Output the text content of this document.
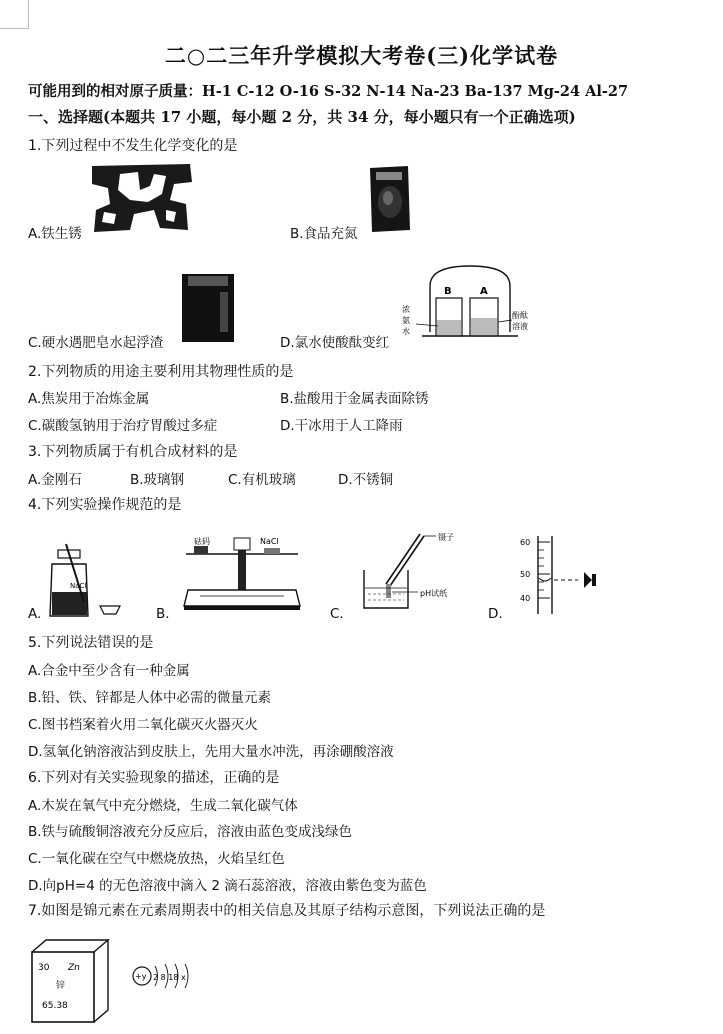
二○二三年升学模拟大考卷(三)化学试卷
可能用到的相对原子质量：H-1 C-12 O-16 S-32 N-14 Na-23 Ba-137 Mg-24 Al-27
一、选择题(本题共 17 小题，每小题 2 分，共 34 分，每小题只有一个正确选项)
1.下列过程中不发生化学变化的是
A.铁生锈	B.食品充氮
C.硬水遇肥皂水起浮渣
B	A
浓
氨
水
酚酞
溶液
D.氯水使酸酞变红
2.下列物质的用途主要利用其物理性质的是
A.焦炭用于冶炼金属	B.盐酸用于金属表面除锈
C.碳酸氢钠用于治疗胃酸过多症	D.干冰用于人工降雨
3.下列物质属于有机合成材料的是
A.金刚石	B.玻璃钢	C.有机玻璃	D.不锈铜
4.下列实验操作规范的是
NaCl
A.
砝码	NaCl
B.
镊子
pH试纸
C.
60
50
40
D.
5.下列说法错误的是
A.合金中至少含有一种金属
B.铅、铁、锌都是人体中必需的微量元素
C.图书档案着火用二氧化碳灭火器灭火
D.氢氧化钠溶液沾到皮肤上，先用大量水冲洗，再涂硼酸溶液
6.下列对有关实验现象的描述，正确的是
A.木炭在氧气中充分燃烧，生成二氧化碳气体
B.铁与硫酸铜溶液充分反应后，溶液由蓝色变成浅绿色
C.一氧化碳在空气中燃烧放热，火焰呈红色
D.向pH=4 的无色溶液中滴入 2 滴石蕊溶液，溶液由紫色变为蓝色
7.如图是锦元素在元素周期表中的相关信息及其原子结构示意图，下列说法正确的是
30 Zn
锌
65.38
+y 2 8 18 x
